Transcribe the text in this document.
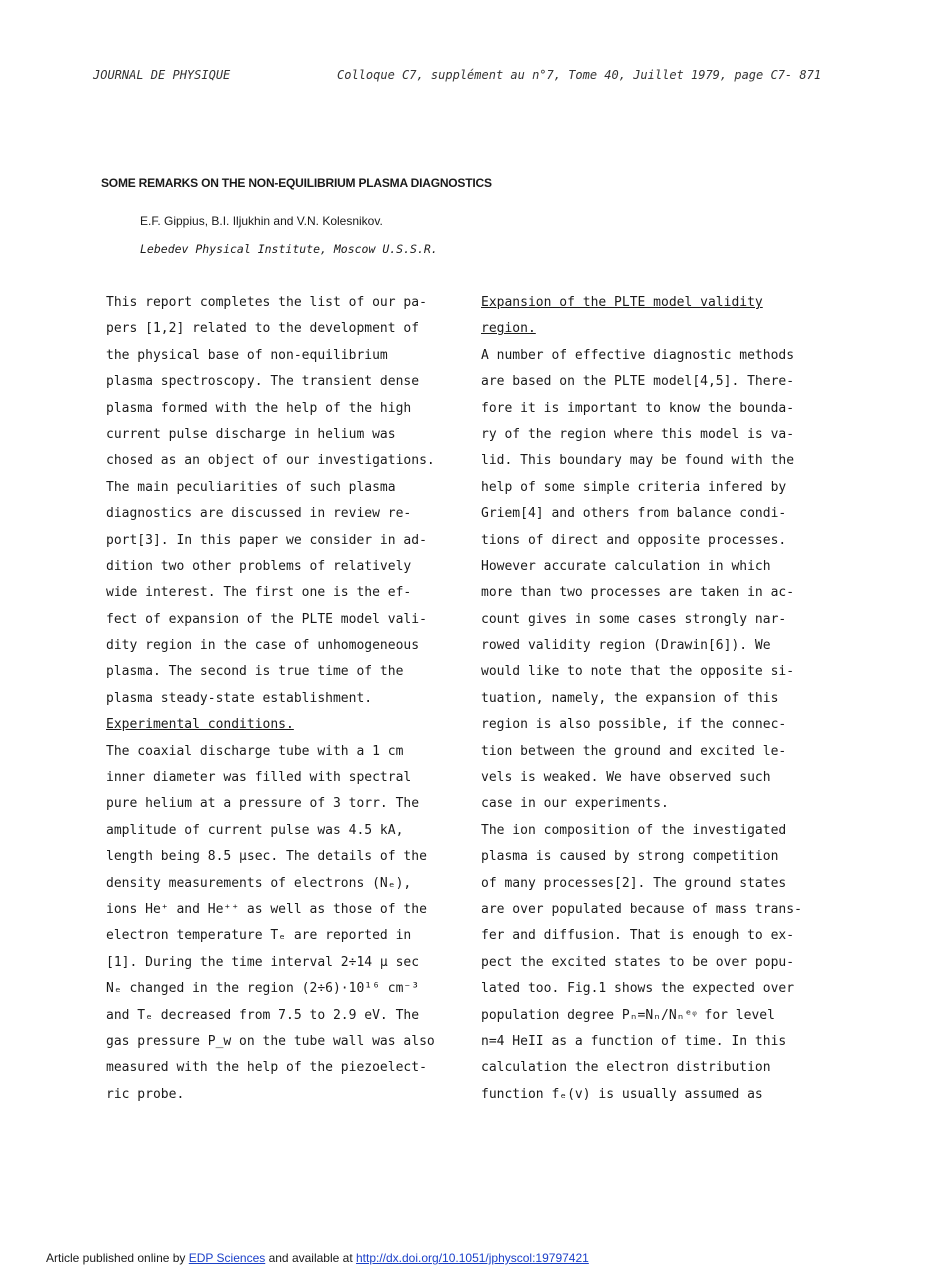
JOURNAL DE PHYSIQUE	Colloque C7, supplément au n°7, Tome 40, Juillet 1979, page C7- 871
SOME REMARKS ON THE NON-EQUILIBRIUM PLASMA DIAGNOSTICS
E.F. Gippius, B.I. Iljukhin and V.N. Kolesnikov.
Lebedev Physical Institute, Moscow U.S.S.R.
This report completes the list of our pa-
pers [1,2] related to the development of
the physical base of non-equilibrium
plasma spectroscopy. The transient dense
plasma formed with the help of the high
current pulse discharge in helium was
chosed as an object of our investigations.
The main peculiarities of such plasma
diagnostics are discussed in review re-
port[3]. In this paper we consider in ad-
dition two other problems of relatively
wide interest. The first one is the ef-
fect of expansion of the PLTE model vali-
dity region in the case of unhomogeneous
plasma. The second is true time of the
plasma steady-state establishment.
Experimental conditions.
The coaxial discharge tube with a 1 cm
inner diameter was filled with spectral
pure helium at a pressure of 3 torr. The
amplitude of current pulse was 4.5 kA,
length being 8.5 μsec. The details of the
density measurements of electrons (Nₑ),
ions He⁺ and He⁺⁺ as well as those of the
electron temperature Tₑ are reported in
[1]. During the time interval 2÷14 μ sec
Nₑ changed in the region (2÷6)·10¹⁶ cm⁻³
and Tₑ decreased from 7.5 to 2.9 eV. The
gas pressure P_w on the tube wall was also
measured with the help of the piezoelect-
ric probe.
Expansion of the PLTE model validity
region.
A number of effective diagnostic methods
are based on the PLTE model[4,5]. There-
fore it is important to know the bounda-
ry of the region where this model is va-
lid. This boundary may be found with the
help of some simple criteria infered by
Griem[4] and others from balance condi-
tions of direct and opposite processes.
However accurate calculation in which
more than two processes are taken in ac-
count gives in some cases strongly nar-
rowed validity region (Drawin[6]). We
would like to note that the opposite si-
tuation, namely, the expansion of this
region is also possible, if the connec-
tion between the ground and excited le-
vels is weaked. We have observed such
case in our experiments.
The ion composition of the investigated
plasma is caused by strong competition
of many processes[2]. The ground states
are over populated because of mass trans-
fer and diffusion. That is enough to ex-
pect the excited states to be over popu-
lated too. Fig.1 shows the expected over
population degree Pₙ=Nₙ/Nₙᵉᵠ for level
n=4 HeII as a function of time. In this
calculation the electron distribution
function fₑ(v) is usually assumed as
Article published online by EDP Sciences and available at http://dx.doi.org/10.1051/jphyscol:19797421
